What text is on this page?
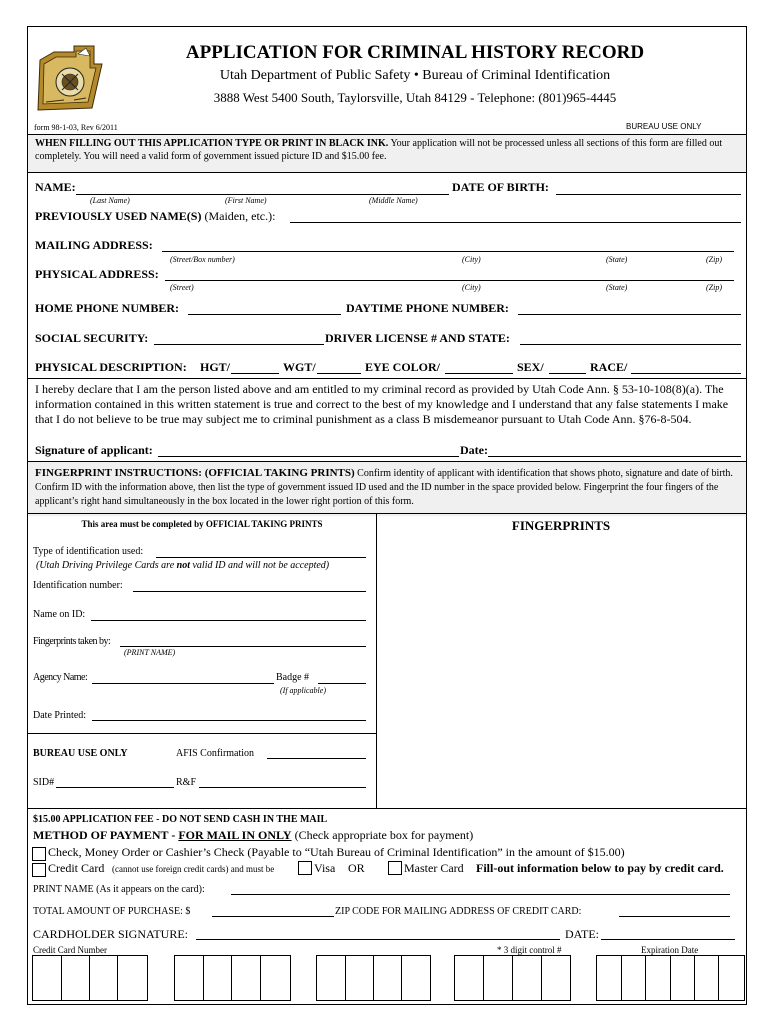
APPLICATION FOR CRIMINAL HISTORY RECORD
Utah Department of Public Safety • Bureau of Criminal Identification
3888 West 5400 South, Taylorsville, Utah 84129 - Telephone: (801)965-4445
form 98-1-03, Rev 6/2011	BUREAU USE ONLY
WHEN FILLING OUT THIS APPLICATION TYPE OR PRINT IN BLACK INK. Your application will not be processed unless all sections of this form are filled out completely. You will need a valid form of government issued picture ID and $15.00 fee.
NAME:	DATE OF BIRTH:
(Last Name)	(First Name)	(Middle Name)
PREVIOUSLY USED NAME(S) (Maiden, etc.):
MAILING ADDRESS:
(Street/Box number)	(City)	(State)	(Zip)
PHYSICAL ADDRESS:
(Street)	(City)	(State)	(Zip)
HOME PHONE NUMBER:	DAYTIME PHONE NUMBER:
SOCIAL SECURITY:	DRIVER LICENSE # AND STATE:
PHYSICAL DESCRIPTION: HGT/	WGT/	EYE COLOR/	SEX/	RACE/
I hereby declare that I am the person listed above and am entitled to my criminal record as provided by Utah Code Ann. § 53-10-108(8)(a). The information contained in this written statement is true and correct to the best of my knowledge and I understand that any false statements I make that I do not believe to be true may subject me to criminal punishment as a class B misdemeanor pursuant to Utah Code Ann. §76-8-504.
Signature of applicant:	Date:
FINGERPRINT INSTRUCTIONS: (OFFICIAL TAKING PRINTS) Confirm identity of applicant with identification that shows photo, signature and date of birth. Confirm ID with the information above, then list the type of government issued ID used and the ID number in the space provided below. Fingerprint the four fingers of the applicant’s right hand simultaneously in the box located in the lower right portion of this form.
This area must be completed by OFFICIAL TAKING PRINTS	FINGERPRINTS
Type of identification used:
(Utah Driving Privilege Cards are not valid ID and will not be accepted)
Identification number:
Name on ID:
Fingerprints taken by:
(PRINT NAME)
Agency Name:	Badge #
(If applicable)
Date Printed:
BUREAU USE ONLY	AFIS Confirmation
SID#	R&F
$15.00 APPLICATION FEE - DO NOT SEND CASH IN THE MAIL
METHOD OF PAYMENT - FOR MAIL IN ONLY (Check appropriate box for payment)
Check, Money Order or Cashier’s Check (Payable to “Utah Bureau of Criminal Identification” in the amount of $15.00)
Credit Card (cannot use foreign credit cards) and must be	Visa OR	Master Card Fill-out information below to pay by credit card.
PRINT NAME (As it appears on the card):
TOTAL AMOUNT OF PURCHASE: $	ZIP CODE FOR MAILING ADDRESS OF CREDIT CARD:
CARDHOLDER SIGNATURE:	DATE:
Credit Card Number	* 3 digit control #	Expiration Date
